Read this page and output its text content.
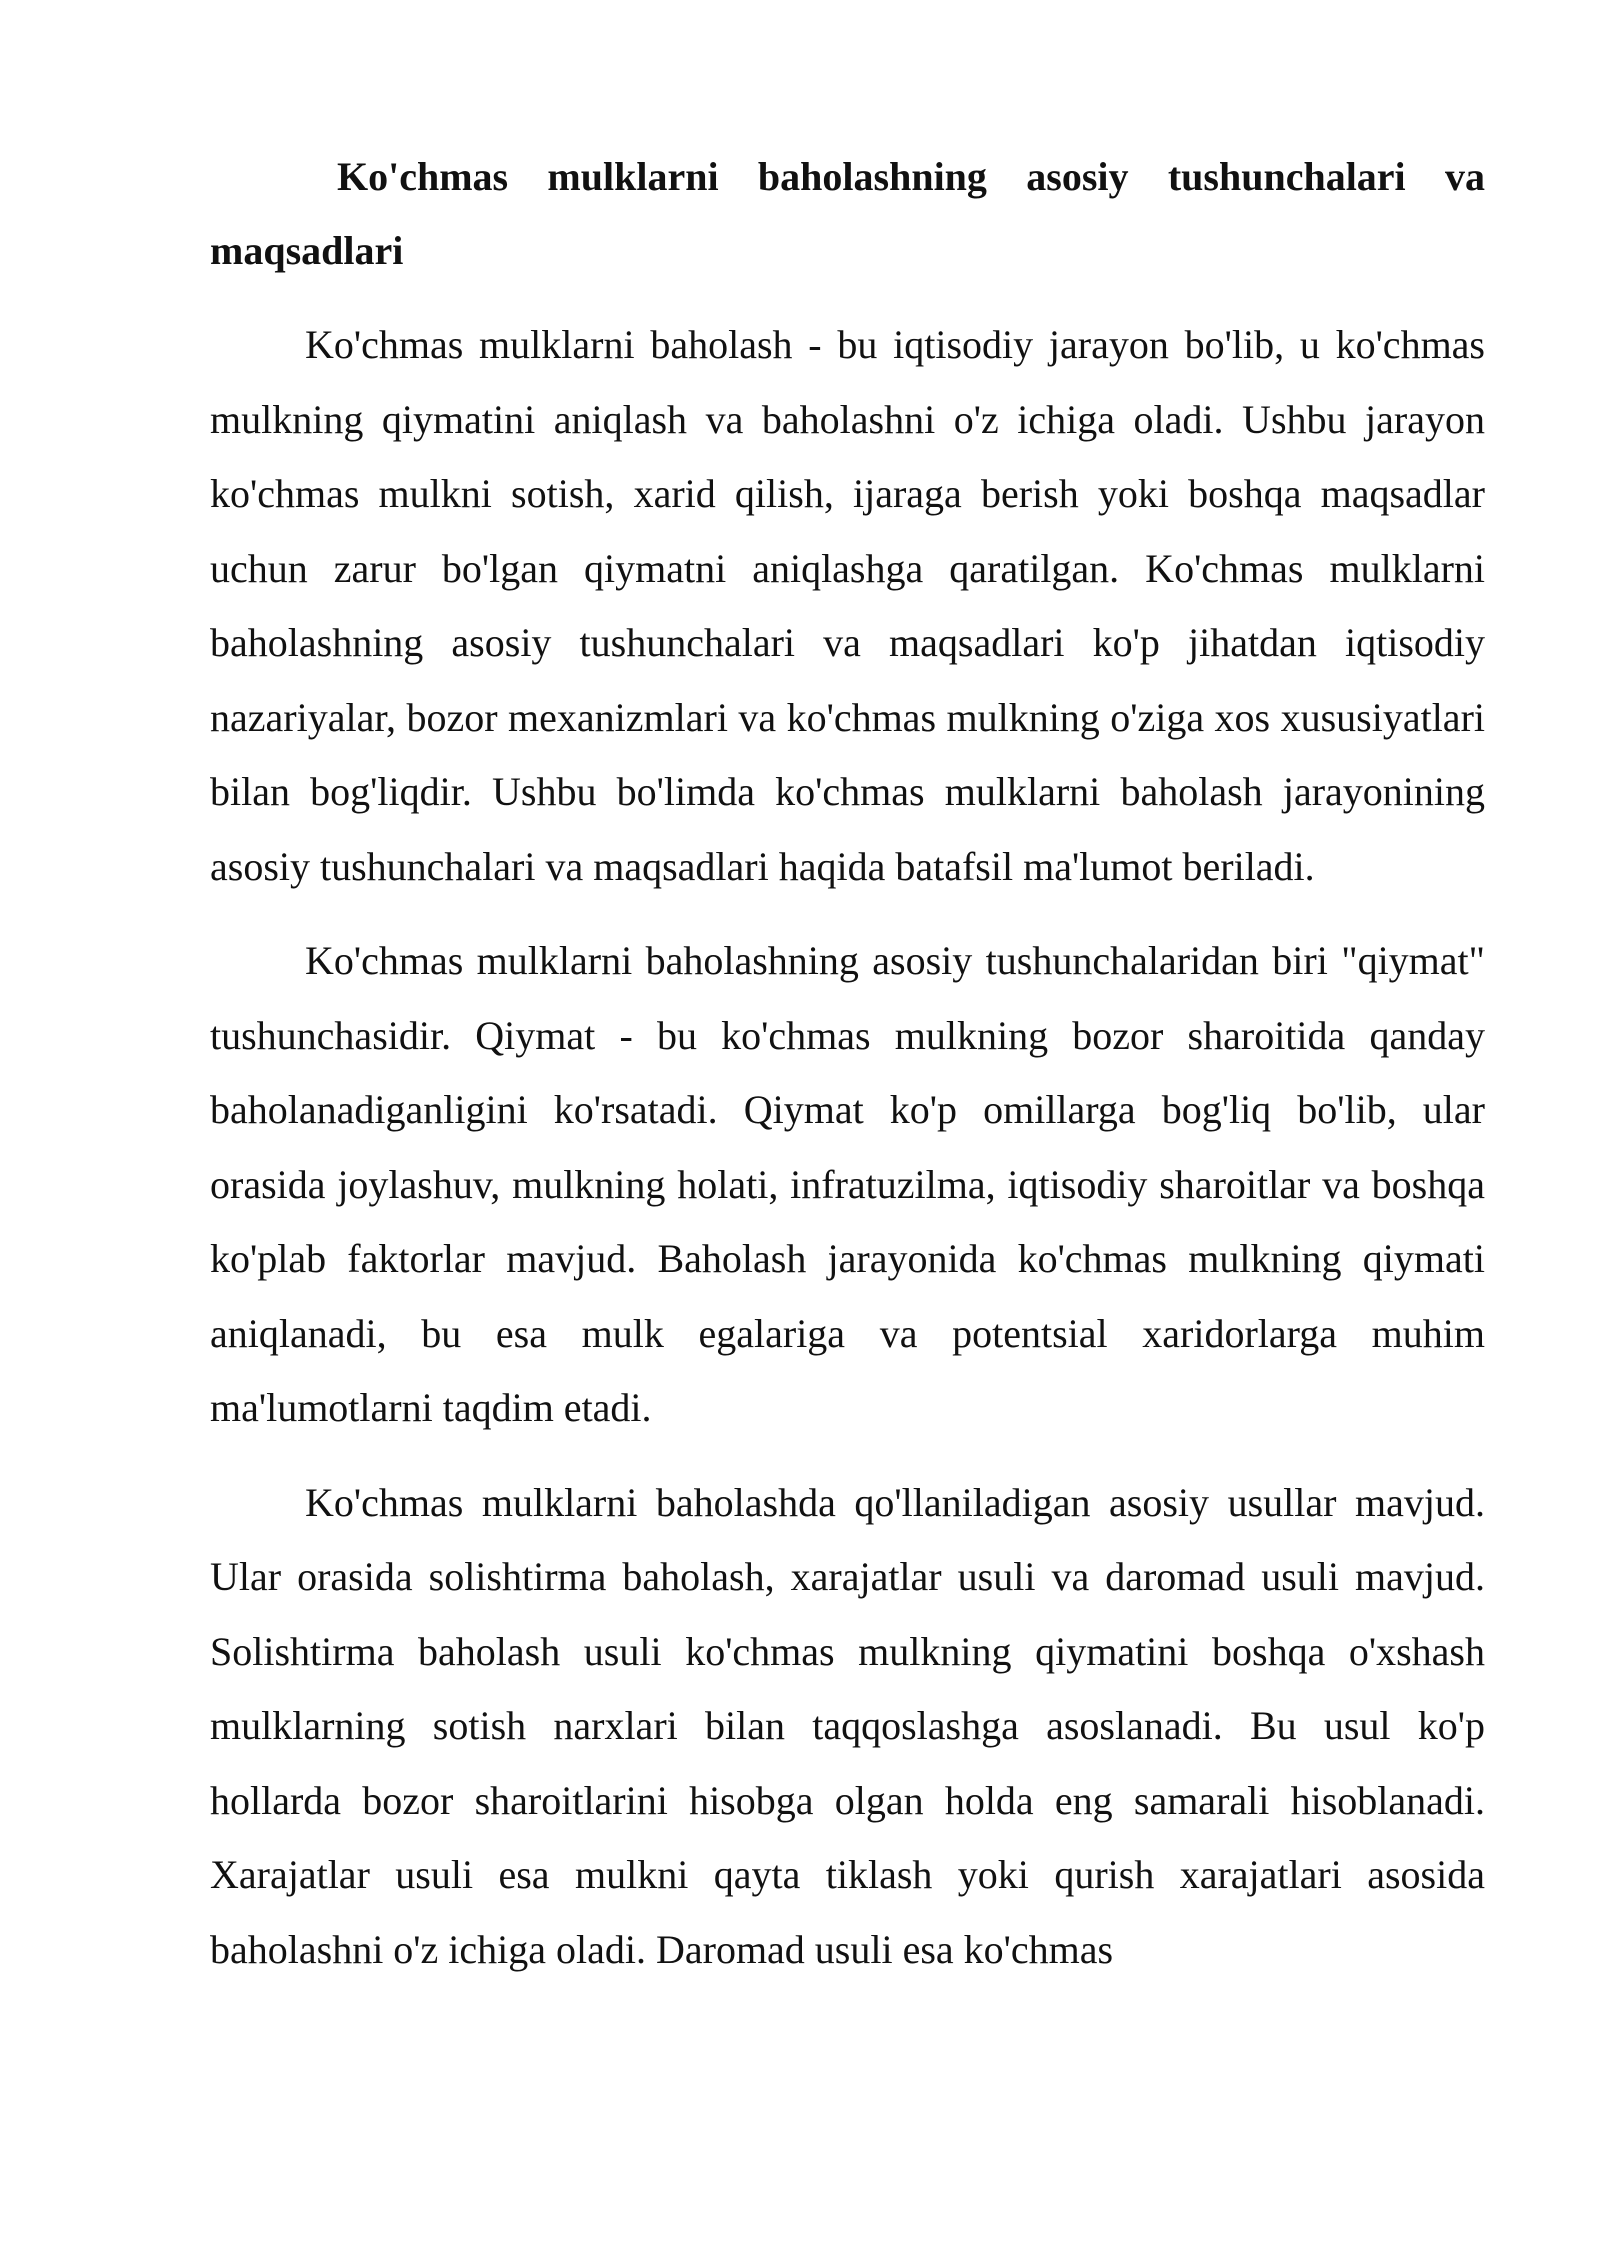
Ko'chmas mulklarni baholashning asosiy tushunchalari va maqsadlari

Ko'chmas mulklarni baholash - bu iqtisodiy jarayon bo'lib, u ko'chmas mulkning qiymatini aniqlash va baholashni o'z ichiga oladi. Ushbu jarayon ko'chmas mulkni sotish, xarid qilish, ijaraga berish yoki boshqa maqsadlar uchun zarur bo'lgan qiymatni aniqlashga qaratilgan. Ko'chmas mulklarni baholashning asosiy tushunchalari va maqsadlari ko'p jihatdan iqtisodiy nazariyalar, bozor mexanizmlari va ko'chmas mulkning o'ziga xos xususiyatlari bilan bog'liqdir. Ushbu bo'limda ko'chmas mulklarni baholash jarayonining asosiy tushunchalari va maqsadlari haqida batafsil ma'lumot beriladi.

Ko'chmas mulklarni baholashning asosiy tushunchalaridan biri "qiymat" tushunchasidir. Qiymat - bu ko'chmas mulkning bozor sharoitida qanday baholanadiganligini ko'rsatadi. Qiymat ko'p omillarga bog'liq bo'lib, ular orasida joylashuv, mulkning holati, infratuzilma, iqtisodiy sharoitlar va boshqa ko'plab faktorlar mavjud. Baholash jarayonida ko'chmas mulkning qiymati aniqlanadi, bu esa mulk egalariga va potentsial xaridorlarga muhim ma'lumotlarni taqdim etadi.

Ko'chmas mulklarni baholashda qo'llaniladigan asosiy usullar mavjud. Ular orasida solishtirma baholash, xarajatlar usuli va daromad usuli mavjud. Solishtirma baholash usuli ko'chmas mulkning qiymatini boshqa o'xshash mulklarning sotish narxlari bilan taqqoslashga asoslanadi. Bu usul ko'p hollarda bozor sharoitlarini hisobga olgan holda eng samarali hisoblanadi. Xarajatlar usuli esa mulkni qayta tiklash yoki qurish xarajatlari asosida baholashni o'z ichiga oladi. Daromad usuli esa ko'chmas
